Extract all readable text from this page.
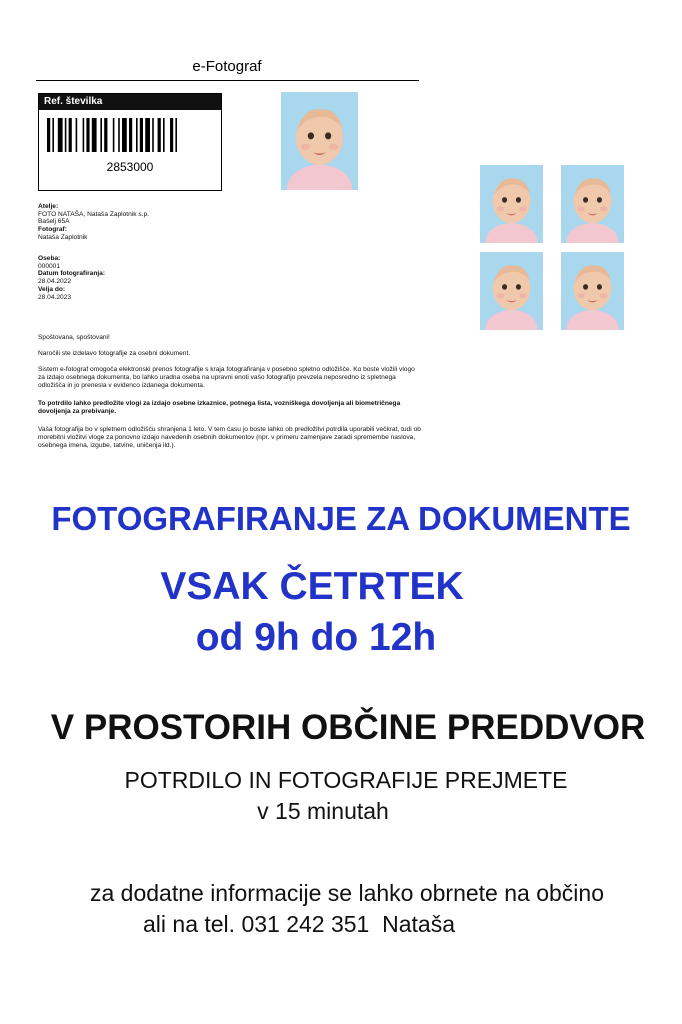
e-Fotograf
Ref. številka
2853000
Atelje:
FOTO NATAŠA, Nataša Zaplotnik s.p.
Bašelj 65A
Fotograf:
Nataša Zaplotnik
Oseba:
000001
Datum fotografiranja:
28.04.2022
Velja do:
28.04.2023
Spoštovana, spoštovani!
Naročili ste izdelavo fotografije za osebni dokument.
Sistem e-fotograf omogoča elektronski prenos fotografije s kraja fotografiranja v posebno spletno odložišče. Ko boste vložili vlogo za izdajo osebnega dokumenta, bo lahko uradna oseba na upravni enoti vašo fotografijo prevzela neposredno iz spletnega odložišča in jo prenesla v evidenco izdanega dokumenta.
To potrdilo lahko predložite vlogi za izdajo osebne izkaznice, potnega lista, vozniškega dovoljenja ali biometričnega dovoljenja za prebivanje.
Vaša fotografija bo v spletnem odložišču shranjena 1 leto. V tem času jo boste lahko ob predložitvi potrdila uporabili večkrat, tudi ob morebitni vložitvi vloge za ponovno izdajo navedenih osebnih dokumentov (npr. v primeru zamenjave zaradi spremembe naslova, osebnega imena, izgube, tatvine, uničenja ild.).
FOTOGRAFIRANJE ZA DOKUMENTE
VSAK ČETRTEK
od 9h do 12h
V PROSTORIH OBČINE PREDDVOR
POTRDILO IN FOTOGRAFIJE PREJMETE
v 15 minutah
za dodatne informacije se lahko obrnete na občino
ali na tel. 031 242 351  Nataša
